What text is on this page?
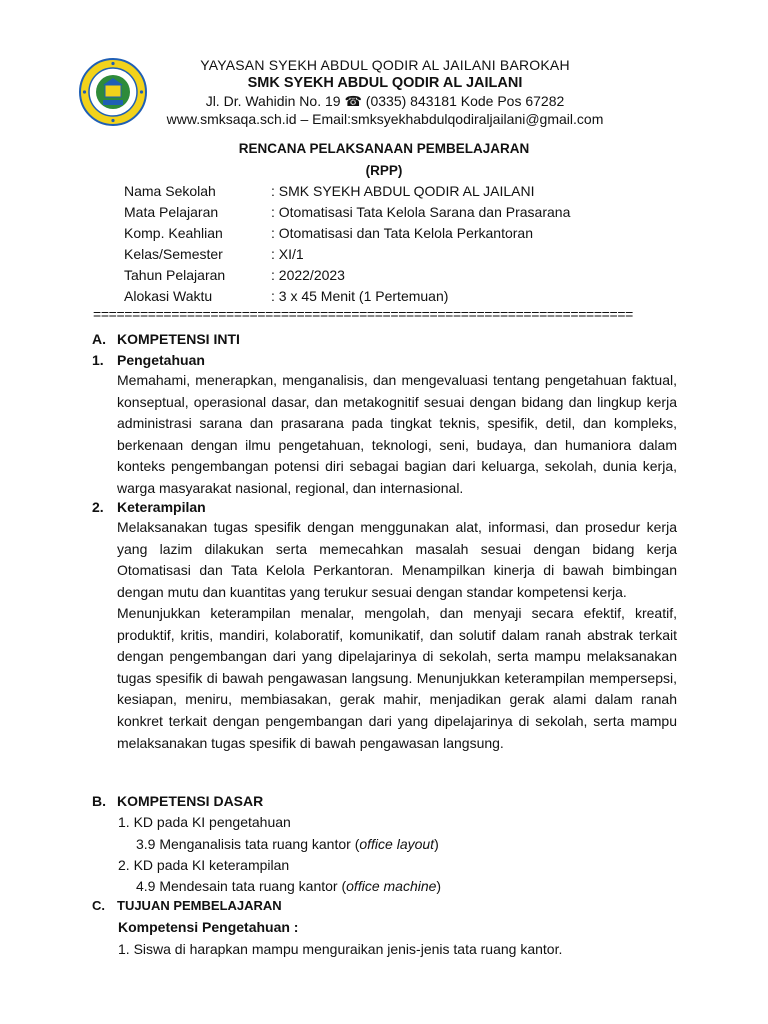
YAYASAN SYEKH ABDUL QODIR AL JAILANI BAROKAH
SMK SYEKH ABDUL QODIR AL JAILANI
Jl. Dr. Wahidin No. 19 ☎ (0335) 843181 Kode Pos 67282
www.smksaqa.sch.id – Email:smksyekhabdulqodiraljailani@gmail.com
RENCANA PELAKSANAAN PEMBELAJARAN
(RPP)
Nama Sekolah	: SMK SYEKH ABDUL QODIR AL JAILANI
Mata Pelajaran	: Otomatisasi Tata Kelola Sarana dan Prasarana
Komp. Keahlian	: Otomatisasi dan Tata Kelola Perkantoran
Kelas/Semester	: XI/1
Tahun Pelajaran	: 2022/2023
Alokasi Waktu	: 3 x 45 Menit (1 Pertemuan)
=====================================================================
A. KOMPETENSI INTI
1. Pengetahuan
Memahami, menerapkan, menganalisis, dan mengevaluasi tentang pengetahuan faktual, konseptual, operasional dasar, dan metakognitif sesuai dengan bidang dan lingkup kerja administrasi sarana dan prasarana pada tingkat teknis, spesifik, detil, dan kompleks, berkenaan dengan ilmu pengetahuan, teknologi, seni, budaya, dan humaniora dalam konteks pengembangan potensi diri sebagai bagian dari keluarga, sekolah, dunia kerja, warga masyarakat nasional, regional, dan internasional.
2. Keterampilan
Melaksanakan tugas spesifik dengan menggunakan alat, informasi, dan prosedur kerja yang lazim dilakukan serta memecahkan masalah sesuai dengan bidang kerja Otomatisasi dan Tata Kelola Perkantoran. Menampilkan kinerja di bawah bimbingan dengan mutu dan kuantitas yang terukur sesuai dengan standar kompetensi kerja.
Menunjukkan keterampilan menalar, mengolah, dan menyaji secara efektif, kreatif, produktif, kritis, mandiri, kolaboratif, komunikatif, dan solutif dalam ranah abstrak terkait dengan pengembangan dari yang dipelajarinya di sekolah, serta mampu melaksanakan tugas spesifik di bawah pengawasan langsung. Menunjukkan keterampilan mempersepsi, kesiapan, meniru, membiasakan, gerak mahir, menjadikan gerak alami dalam ranah konkret terkait dengan pengembangan dari yang dipelajarinya di sekolah, serta mampu melaksanakan tugas spesifik di bawah pengawasan langsung.
B. KOMPETENSI DASAR
1. KD pada KI pengetahuan
3.9 Menganalisis tata ruang kantor (office layout)
2. KD pada KI keterampilan
4.9 Mendesain tata ruang kantor (office machine)
C. TUJUAN PEMBELAJARAN
Kompetensi Pengetahuan :
1. Siswa di harapkan mampu menguraikan jenis-jenis tata ruang kantor.
